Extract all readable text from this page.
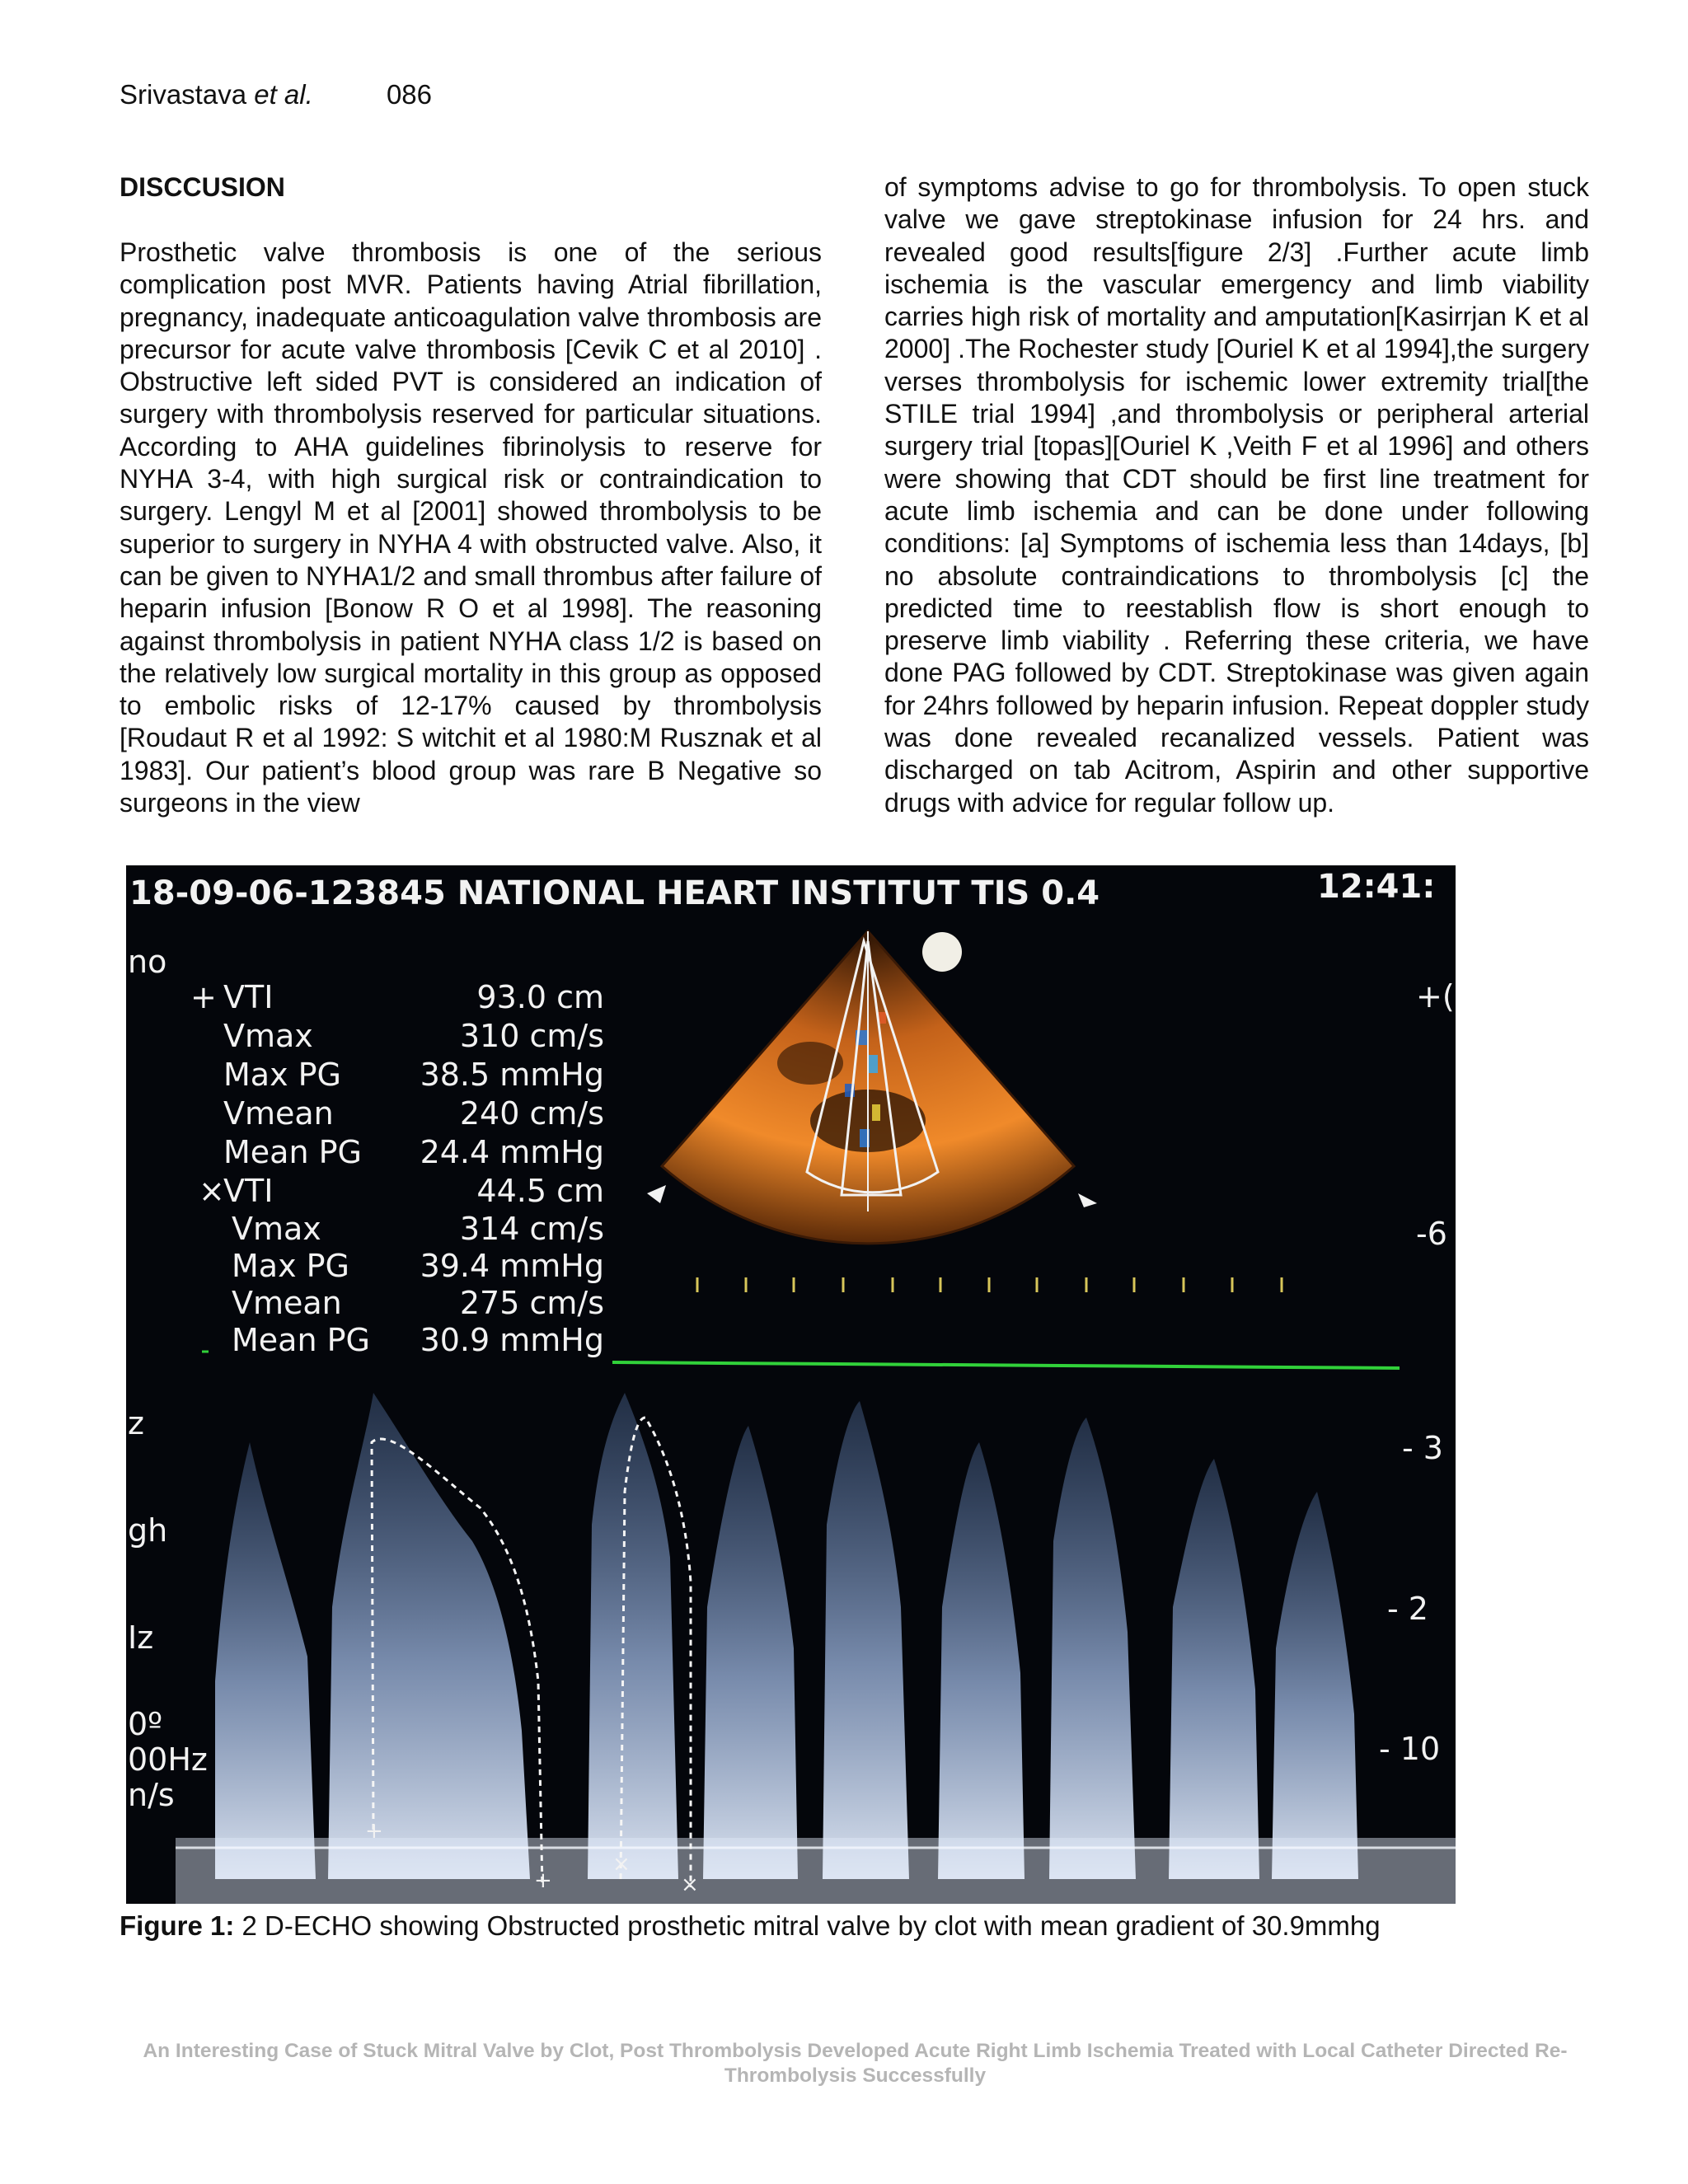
Srivastava et al.	086
DISCCUSION

Prosthetic valve thrombosis is one of the serious complication post MVR. Patients having Atrial fibrillation, pregnancy, inadequate anticoagulation valve thrombosis are precursor for acute valve thrombosis [Cevik C et al 2010] . Obstructive left sided PVT is considered an indication of surgery with thrombolysis reserved for particular situations. According to AHA guidelines fibrinolysis to reserve for NYHA 3-4, with high surgical risk or contraindication to surgery. Lengyl M et al [2001] showed thrombolysis to be superior to surgery in NYHA 4 with obstructed valve. Also, it can be given to NYHA1/2 and small thrombus after failure of heparin infusion [Bonow R O et al 1998]. The reasoning against thrombolysis in patient NYHA class 1/2 is based on the relatively low surgical mortality in this group as opposed to embolic risks of 12-17% caused by thrombolysis [Roudaut R et al 1992: S witchit et al 1980:M Rusznak et al 1983]. Our patient’s blood group was rare B Negative so surgeons in the view

of symptoms advise to go for thrombolysis. To open stuck valve we gave streptokinase infusion for 24 hrs. and revealed good results[figure 2/3] .Further acute limb ischemia is the vascular emergency and limb viability carries high risk of mortality and amputation[Kasirrjan K et al 2000] .The Rochester study [Ouriel K et al 1994],the surgery verses thrombolysis for ischemic lower extremity trial[the STILE trial 1994] ,and thrombolysis or peripheral arterial surgery trial [topas][Ouriel K ,Veith F et al 1996] and others were showing that CDT should be first line treatment for acute limb ischemia and can be done under following conditions: [a] Symptoms of ischemia less than 14days, [b] no absolute contraindications to thrombolysis [c] the predicted time to reestablish flow is short enough to preserve limb viability . Referring these criteria, we have done PAG followed by CDT. Streptokinase was given again for 24hrs followed by heparin infusion. Repeat doppler study was done revealed recanalized vessels. Patient was discharged on tab Acitrom, Aspirin and other supportive drugs with advice for regular follow up.

18-09-06-123845 NATIONAL HEART INSTITUT TIS 0.4	12:41:
no
z
gh
Iz
0º
00Hz
n/s
+(
-6
- 3
- 2
- 10
+ VTI	93.0 cm
Vmax	310 cm/s
Max PG	38.5 mmHg
Vmean	240 cm/s
Mean PG 24.4 mmHg
×
VTI	44.5 cm
Vmax	314 cm/s
Max PG 39.4 mmHg
Vmean	275 cm/s
Mean PG 30.9 mmHg
+
+
×
×
Figure 1: 2 D-ECHO showing Obstructed prosthetic mitral valve by clot with mean gradient of 30.9mmhg
An Interesting Case of Stuck Mitral Valve by Clot, Post Thrombolysis Developed Acute Right Limb Ischemia Treated with Local Catheter Directed Re-Thrombolysis Successfully
